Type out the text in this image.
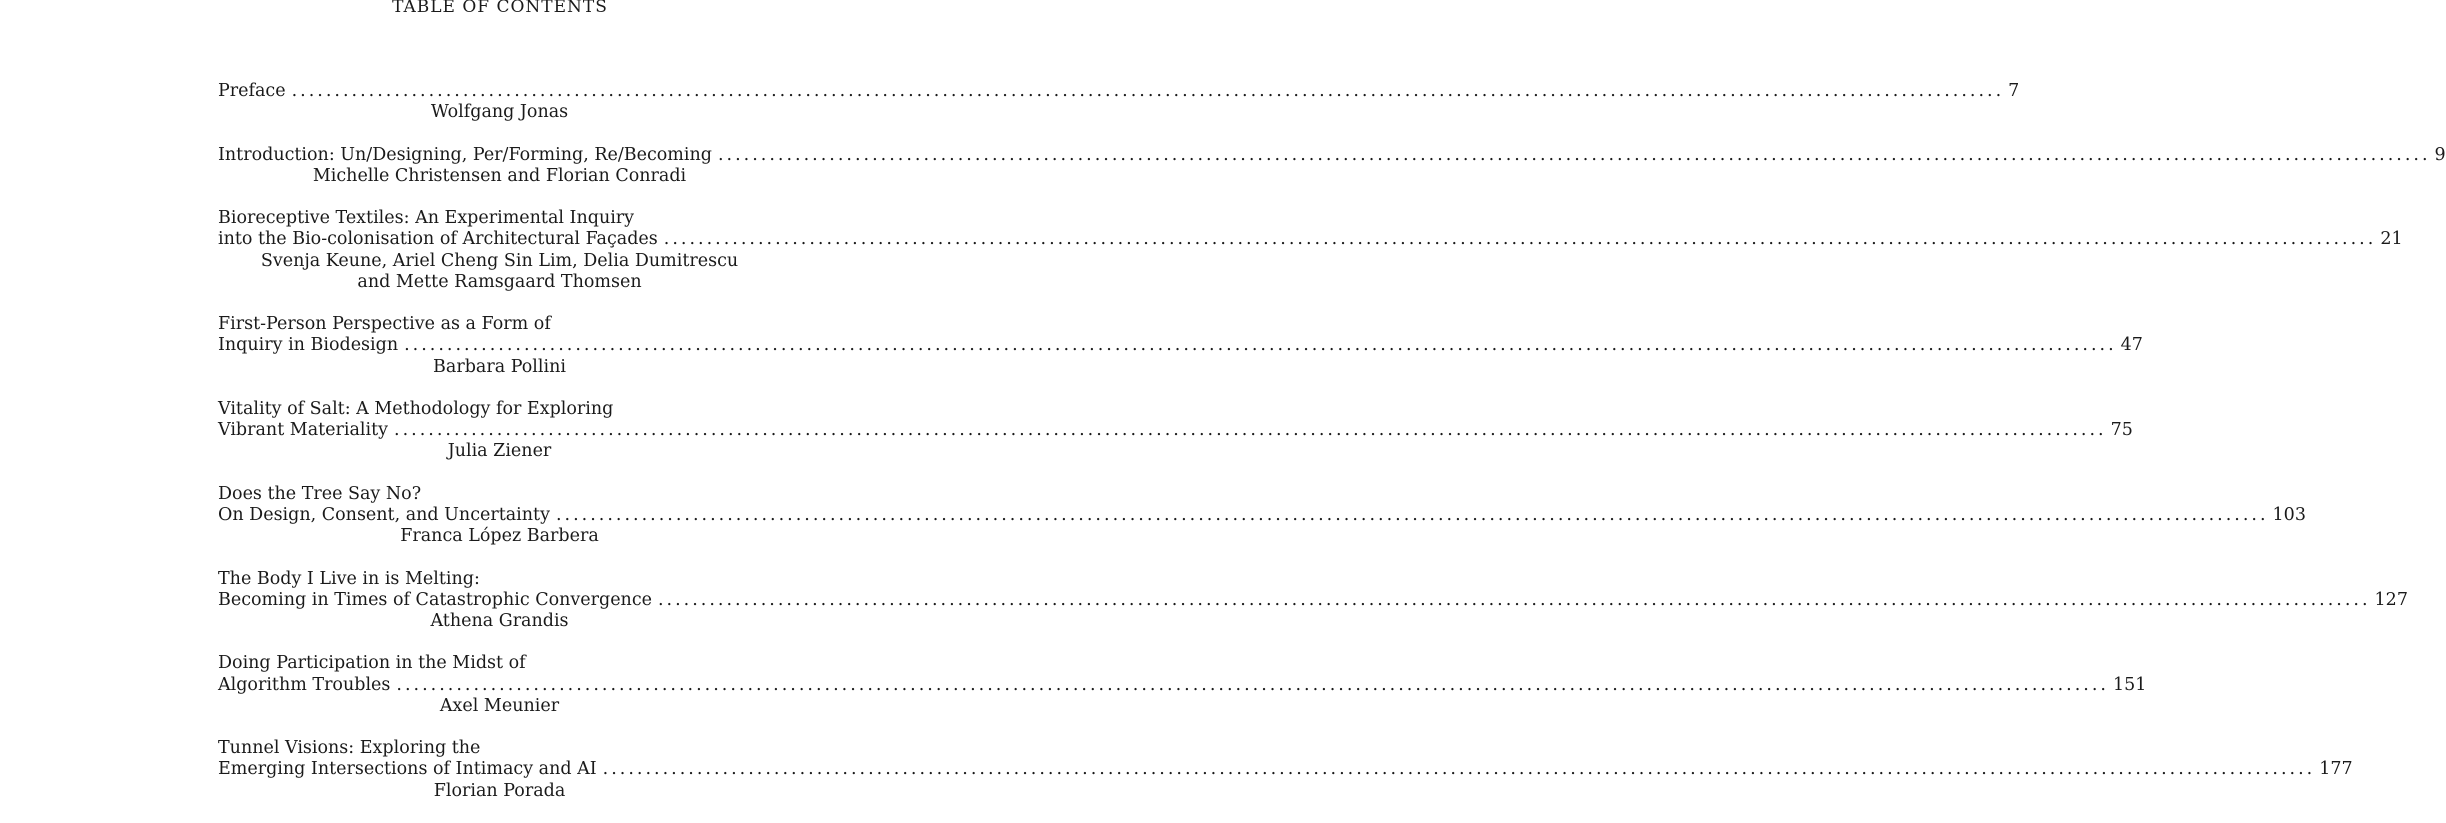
TABLE OF CONTENTS
Preface ........................................................................................................................................................................................................ 7
Wolfgang Jonas
Introduction: Un/Designing, Per/Forming, Re/Becoming ........................................................................................................................................................................................................ 9
Michelle Christensen and Florian Conradi
Bioreceptive Textiles: An Experimental Inquiry
into the Bio-colonisation of Architectural Façades ........................................................................................................................................................................................................ 21
Svenja Keune, Ariel Cheng Sin Lim, Delia Dumitrescu
and Mette Ramsgaard Thomsen
First-Person Perspective as a Form of
Inquiry in Biodesign ........................................................................................................................................................................................................ 47
Barbara Pollini
Vitality of Salt: A Methodology for Exploring
Vibrant Materiality ........................................................................................................................................................................................................ 75
Julia Ziener
Does the Tree Say No?
On Design, Consent, and Uncertainty ........................................................................................................................................................................................................ 103
Franca López Barbera
The Body I Live in is Melting:
Becoming in Times of Catastrophic Convergence ........................................................................................................................................................................................................ 127
Athena Grandis
Doing Participation in the Midst of
Algorithm Troubles ........................................................................................................................................................................................................ 151
Axel Meunier
Tunnel Visions: Exploring the
Emerging Intersections of Intimacy and AI ........................................................................................................................................................................................................ 177
Florian Porada
